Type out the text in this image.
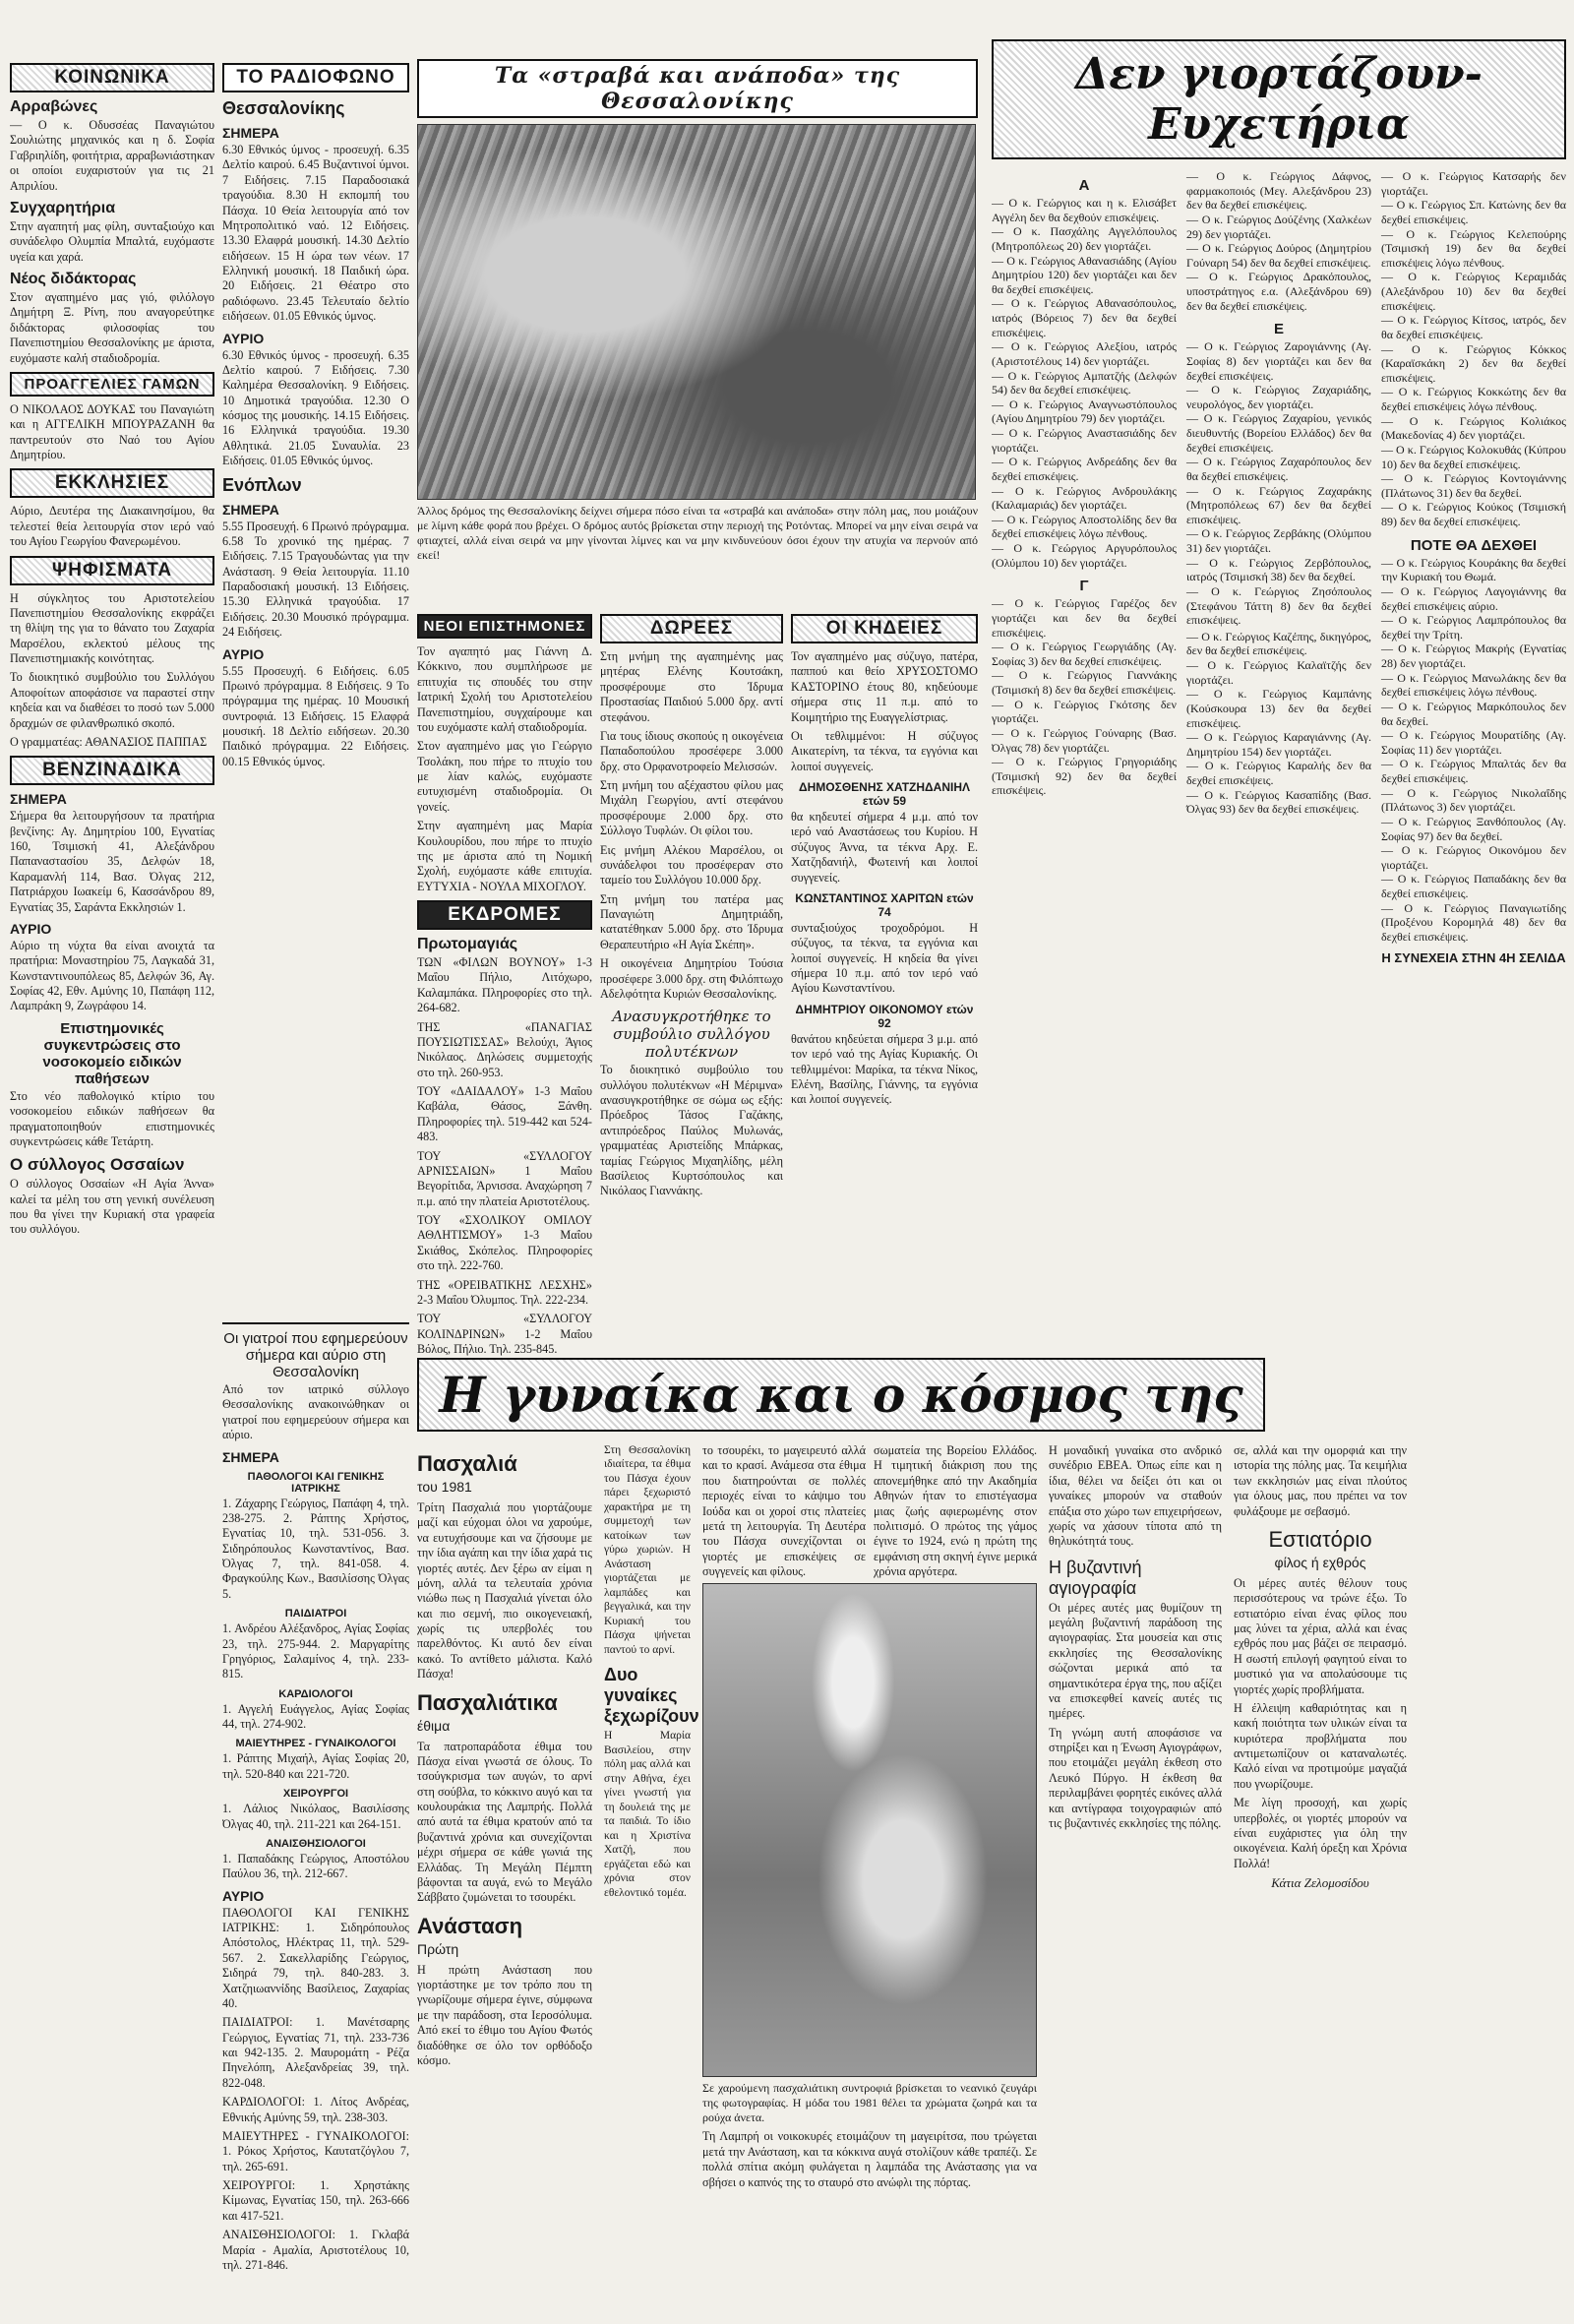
ΚΟΙΝΩΝΙΚΑ
Αρραβώνες

— Ο κ. Οδυσσέας Παναγιώτου Σουλιώτης μηχανικός και η δ. Σοφία Γαβριηλίδη, φοιτήτρια, αρραβωνιάστηκαν οι οποίοι ευχαριστούν για τις 21 Απριλίου.

Συγχαρητήρια

Στην αγαπητή μας φίλη, συνταξιούχο και συνάδελφο Ολυμπία Μπαλτά, ευχόμαστε υγεία και χαρά.

Νέος διδάκτορας

Στον αγαπημένο μας γιό, φιλόλογο Δημήτρη Ξ. Ρίνη, που αναγορεύτηκε διδάκτορας φιλοσοφίας του Πανεπιστημίου Θεσσαλονίκης με άριστα, ευχόμαστε καλή σταδιοδρομία.

ΠΡΟΑΓΓΕΛΙΕΣ ΓΑΜΩΝ

Ο ΝΙΚΟΛΑΟΣ ΔΟΥΚΑΣ του Παναγιώτη και η ΑΓΓΕΛΙΚΗ ΜΠΟΥΡΑΖΑΝΗ θα παντρευτούν στο Ναό του Αγίου Δημητρίου.

ΕΚΚΛΗΣΙΕΣ

Αύριο, Δευτέρα της Διακαινησίμου, θα τελεστεί θεία λειτουργία στον ιερό ναό του Αγίου Γεωργίου Φανερωμένου.

ΨΗΦΙΣΜΑΤΑ

Η σύγκλητος του Αριστοτελείου Πανεπιστημίου Θεσσαλονίκης εκφράζει τη θλίψη της για το θάνατο του Ζαχαρία Μαρσέλου, εκλεκτού μέλους της Πανεπιστημιακής κοινότητας.

Το διοικητικό συμβούλιο του Συλλόγου Αποφοίτων αποφάσισε να παραστεί στην κηδεία και να διαθέσει το ποσό των 5.000 δραχμών σε φιλανθρωπικό σκοπό.

Ο γραμματέας: ΑΘΑΝΑΣΙΟΣ ΠΑΠΠΑΣ

ΒΕΝΖΙΝΑΔΙΚΑ
ΣΗΜΕΡΑ

Σήμερα θα λειτουργήσουν τα πρατήρια βενζίνης: Αγ. Δημητρίου 100, Εγνατίας 160, Τσιμισκή 41, Αλεξάνδρου Παπαναστασίου 35, Δελφών 18, Καραμανλή 114, Βασ. Όλγας 212, Πατριάρχου Ιωακείμ 6, Κασσάνδρου 89, Εγνατίας 35, Σαράντα Εκκλησιών 1.

ΑΥΡΙΟ

Αύριο τη νύχτα θα είναι ανοιχτά τα πρατήρια: Μοναστηρίου 75, Λαγκαδά 31, Κωνσταντινουπόλεως 85, Δελφών 36, Αγ. Σοφίας 42, Εθν. Αμύνης 10, Παπάφη 112, Λαμπράκη 9, Ζωγράφου 14.

Επιστημονικές συγκεντρώσεις στο νοσοκομείο ειδικών παθήσεων

Στο νέο παθολογικό κτίριο του νοσοκομείου ειδικών παθήσεων θα πραγματοποιηθούν επιστημονικές συγκεντρώσεις κάθε Τετάρτη.

Ο σύλλογος Οσσαίων

Ο σύλλογος Οσσαίων «Η Αγία Άννα» καλεί τα μέλη του στη γενική συνέλευση που θα γίνει την Κυριακή στα γραφεία του συλλόγου.

ΤΟ ΡΑΔΙΟΦΩΝΟ
Θεσσαλονίκης
ΣΗΜΕΡΑ

6.30 Εθνικός ύμνος - προσευχή. 6.35 Δελτίο καιρού. 6.45 Βυζαντινοί ύμνοι. 7 Ειδήσεις. 7.15 Παραδοσιακά τραγούδια. 8.30 Η εκπομπή του Πάσχα. 10 Θεία λειτουργία από τον Μητροπολιτικό ναό. 12 Ειδήσεις. 13.30 Ελαφρά μουσική. 14.30 Δελτίο ειδήσεων. 15 Η ώρα των νέων. 17 Ελληνική μουσική. 18 Παιδική ώρα. 20 Ειδήσεις. 21 Θέατρο στο ραδιόφωνο. 23.45 Τελευταίο δελτίο ειδήσεων. 01.05 Εθνικός ύμνος.

ΑΥΡΙΟ

6.30 Εθνικός ύμνος - προσευχή. 6.35 Δελτίο καιρού. 7 Ειδήσεις. 7.30 Καλημέρα Θεσσαλονίκη. 9 Ειδήσεις. 10 Δημοτικά τραγούδια. 12.30 Ο κόσμος της μουσικής. 14.15 Ειδήσεις. 16 Ελληνικά τραγούδια. 19.30 Αθλητικά. 21.05 Συναυλία. 23 Ειδήσεις. 01.05 Εθνικός ύμνος.

Ενόπλων
ΣΗΜΕΡΑ

5.55 Προσευχή. 6 Πρωινό πρόγραμμα. 6.58 Το χρονικό της ημέρας. 7 Ειδήσεις. 7.15 Τραγουδώντας για την Ανάσταση. 9 Θεία λειτουργία. 11.10 Παραδοσιακή μουσική. 13 Ειδήσεις. 15.30 Ελληνικά τραγούδια. 17 Ειδήσεις. 20.30 Μουσικό πρόγραμμα. 24 Ειδήσεις.

ΑΥΡΙΟ

5.55 Προσευχή. 6 Ειδήσεις. 6.05 Πρωινό πρόγραμμα. 8 Ειδήσεις. 9 Το πρόγραμμα της ημέρας. 10 Μουσική συντροφιά. 13 Ειδήσεις. 15 Ελαφρά μουσική. 18 Δελτίο ειδήσεων. 20.30 Παιδικό πρόγραμμα. 22 Ειδήσεις. 00.15 Εθνικός ύμνος.

Οι γιατροί που εφημερεύουν σήμερα και αύριο στη Θεσσαλονίκη

Από τον ιατρικό σύλλογο Θεσσαλονίκης ανακοινώθηκαν οι γιατροί που εφημερεύουν σήμερα και αύριο.

ΣΗΜΕΡΑ
ΠΑΘΟΛΟΓΟΙ ΚΑΙ ΓΕΝΙΚΗΣ ΙΑΤΡΙΚΗΣ

1. Ζάχαρης Γεώργιος, Παπάφη 4, τηλ. 238-275. 2. Ράπτης Χρήστος, Εγνατίας 10, τηλ. 531-056. 3. Σιδηρόπουλος Κωνσταντίνος, Βασ. Όλγας 7, τηλ. 841-058. 4. Φραγκούλης Κων., Βασιλίσσης Όλγας 5.

ΠΑΙΔΙΑΤΡΟΙ

1. Ανδρέου Αλέξανδρος, Αγίας Σοφίας 23, τηλ. 275-944. 2. Μαργαρίτης Γρηγόριος, Σαλαμίνος 4, τηλ. 233-815.

ΚΑΡΔΙΟΛΟΓΟΙ

1. Αγγελή Ευάγγελος, Αγίας Σοφίας 44, τηλ. 274-902.

ΜΑΙΕΥΤΗΡΕΣ - ΓΥΝΑΙΚΟΛΟΓΟΙ

1. Ράπτης Μιχαήλ, Αγίας Σοφίας 20, τηλ. 520-840 και 221-720.

ΧΕΙΡΟΥΡΓΟΙ

1. Λάλιος Νικόλαος, Βασιλίσσης Όλγας 40, τηλ. 211-221 και 264-151.

ΑΝΑΙΣΘΗΣΙΟΛΟΓΟΙ

1. Παπαδάκης Γεώργιος, Αποστόλου Παύλου 36, τηλ. 212-667.

ΑΥΡΙΟ

ΠΑΘΟΛΟΓΟΙ ΚΑΙ ΓΕΝΙΚΗΣ ΙΑΤΡΙΚΗΣ: 1. Σιδηρόπουλος Απόστολος, Ηλέκτρας 11, τηλ. 529-567. 2. Σακελλαρίδης Γεώργιος, Σιδηρά 79, τηλ. 840-283. 3. Χατζηιωαννίδης Βασίλειος, Ζαχαρίας 40.

ΠΑΙΔΙΑΤΡΟΙ: 1. Μανέτσαρης Γεώργιος, Εγνατίας 71, τηλ. 233-736 και 942-135. 2. Μαυρομάτη - Ρέζα Πηνελόπη, Αλεξανδρείας 39, τηλ. 822-048.

ΚΑΡΔΙΟΛΟΓΟΙ: 1. Λίτος Ανδρέας, Εθνικής Αμύνης 59, τηλ. 238-303.

ΜΑΙΕΥΤΗΡΕΣ - ΓΥΝΑΙΚΟΛΟΓΟΙ: 1. Ρόκος Χρήστος, Καυτατζόγλου 7, τηλ. 265-691.

ΧΕΙΡΟΥΡΓΟΙ: 1. Χρηστάκης Κίμωνας, Εγνατίας 150, τηλ. 263-666 και 417-521.

ΑΝΑΙΣΘΗΣΙΟΛΟΓΟΙ: 1. Γκλαβά Μαρία - Αμαλία, Αριστοτέλους 10, τηλ. 271-846.

Τα «στραβά και ανάποδα» της Θεσσαλονίκης
Άλλος δρόμος της Θεσσαλονίκης δείχνει σήμερα πόσο είναι τα «στραβά και ανάποδα» στην πόλη μας, που μοιάζουν με λίμνη κάθε φορά που βρέχει. Ο δρόμος αυτός βρίσκεται στην περιοχή της Ροτόντας. Μπορεί να μην είναι σειρά να φτιαχτεί, αλλά είναι σειρά να μην γίνονται λίμνες και να μην κινδυνεύουν όσοι έχουν την ατυχία να περνούν από εκεί!
ΝΕΟΙ ΕΠΙΣΤΗΜΟΝΕΣ

Τον αγαπητό μας Γιάννη Δ. Κόκκινο, που συμπλήρωσε με επιτυχία τις σπουδές του στην Ιατρική Σχολή του Αριστοτελείου Πανεπιστημίου, συγχαίρουμε και του ευχόμαστε καλή σταδιοδρομία.

Στον αγαπημένο μας γιο Γεώργιο Τσολάκη, που πήρε το πτυχίο του με λίαν καλώς, ευχόμαστε ευτυχισμένη σταδιοδρομία. Οι γονείς.

Στην αγαπημένη μας Μαρία Κουλουρίδου, που πήρε το πτυχίο της με άριστα από τη Νομική Σχολή, ευχόμαστε κάθε επιτυχία. ΕΥΤΥΧΙΑ - ΝΟΥΛΑ ΜΙΧΟΓΛΟΥ.

ΕΚΔΡΟΜΕΣ
Πρωτομαγιάς

ΤΩΝ «ΦΙΛΩΝ ΒΟΥΝΟΥ» 1-3 Μαΐου Πήλιο, Λιτόχωρο, Καλαμπάκα. Πληροφορίες στο τηλ. 264-682.

ΤΗΣ «ΠΑΝΑΓΙΑΣ ΠΟΥΣΙΩΤΙΣΣΑΣ» Βελούχι, Άγιος Νικόλαος. Δηλώσεις συμμετοχής στο τηλ. 260-953.

ΤΟΥ «ΔΑΙΔΑΛΟΥ» 1-3 Μαΐου Καβάλα, Θάσος, Ξάνθη. Πληροφορίες τηλ. 519-442 και 524-483.

ΤΟΥ «ΣΥΛΛΟΓΟΥ ΑΡΝΙΣΣΑΙΩΝ» 1 Μαΐου Βεγορίτιδα, Άρνισσα. Αναχώρηση 7 π.μ. από την πλατεία Αριστοτέλους.

ΤΟΥ «ΣΧΟΛΙΚΟΥ ΟΜΙΛΟΥ ΑΘΛΗΤΙΣΜΟΥ» 1-3 Μαΐου Σκιάθος, Σκόπελος. Πληροφορίες στο τηλ. 222-760.

ΤΗΣ «ΟΡΕΙΒΑΤΙΚΗΣ ΛΕΣΧΗΣ» 2-3 Μαΐου Όλυμπος. Τηλ. 222-234.

ΤΟΥ «ΣΥΛΛΟΓΟΥ ΚΟΛΙΝΔΡΙΝΩΝ» 1-2 Μαΐου Βόλος, Πήλιο. Τηλ. 235-845.

ΔΩΡΕΕΣ

Στη μνήμη της αγαπημένης μας μητέρας Ελένης Κουτσάκη, προσφέρουμε στο Ίδρυμα Προστασίας Παιδιού 5.000 δρχ. αντί στεφάνου.

Για τους ίδιους σκοπούς η οικογένεια Παπαδοπούλου προσέφερε 3.000 δρχ. στο Ορφανοτροφείο Μελισσών.

Στη μνήμη του αξέχαστου φίλου μας Μιχάλη Γεωργίου, αντί στεφάνου προσφέρουμε 2.000 δρχ. στο Σύλλογο Τυφλών. Οι φίλοι του.

Εις μνήμη Αλέκου Μαρσέλου, οι συνάδελφοι του προσέφεραν στο ταμείο του Συλλόγου 10.000 δρχ.

Στη μνήμη του πατέρα μας Παναγιώτη Δημητριάδη, κατατέθηκαν 5.000 δρχ. στο Ίδρυμα Θεραπευτήριο «Η Αγία Σκέπη».

Η οικογένεια Δημητρίου Τούσια προσέφερε 3.000 δρχ. στη Φιλόπτωχο Αδελφότητα Κυριών Θεσσαλονίκης.

Ανασυγκροτήθηκε το συμβούλιο συλλόγου πολυτέκνων

Το διοικητικό συμβούλιο του συλλόγου πολυτέκνων «Η Μέριμνα» ανασυγκροτήθηκε σε σώμα ως εξής: Πρόεδρος Τάσος Γαζάκης, αντιπρόεδρος Παύλος Μυλωνάς, γραμματέας Αριστείδης Μπάρκας, ταμίας Γεώργιος Μιχαηλίδης, μέλη Βασίλειος Κυρτσόπουλος και Νικόλαος Γιαννάκης.

ΟΙ ΚΗΔΕΙΕΣ

Τον αγαπημένο μας σύζυγο, πατέρα, παππού και θείο ΧΡΥΣΟΣΤΟΜΟ ΚΑΣΤΟΡΙΝΟ έτους 80, κηδεύουμε σήμερα στις 11 π.μ. από το Κοιμητήριο της Ευαγγελίστριας.

Οι τεθλιμμένοι: Η σύζυγος Αικατερίνη, τα τέκνα, τα εγγόνια και λοιποί συγγενείς.

ΔΗΜΟΣΘΕΝΗΣ ΧΑΤΖΗΔΑΝΙΗΛ ετών 59

θα κηδευτεί σήμερα 4 μ.μ. από τον ιερό ναό Αναστάσεως του Κυρίου. Η σύζυγος Άννα, τα τέκνα Αρχ. Ε. Χατζηδανιήλ, Φωτεινή και λοιποί συγγενείς.

ΚΩΝΣΤΑΝΤΙΝΟΣ ΧΑΡΙΤΩΝ ετών 74

συνταξιούχος τροχοδρόμοι. Η σύζυγος, τα τέκνα, τα εγγόνια και λοιποί συγγενείς. Η κηδεία θα γίνει σήμερα 10 π.μ. από τον ιερό ναό Αγίου Κωνσταντίνου.

ΔΗΜΗΤΡΙΟΥ ΟΙΚΟΝΟΜΟΥ ετών 92

θανάτου κηδεύεται σήμερα 3 μ.μ. από τον ιερό ναό της Αγίας Κυριακής. Οι τεθλιμμένοι: Μαρίκα, τα τέκνα Νίκος, Ελένη, Βασίλης, Γιάννης, τα εγγόνια και λοιποί συγγενείς.

Δεν γιορτάζουν-Ευχετήρια
Α

— Ο κ. Γεώργιος και η κ. Ελισάβετ Αγγέλη δεν θα δεχθούν επισκέψεις.
— Ο κ. Πασχάλης Αγγελόπουλος (Μητροπόλεως 20) δεν γιορτάζει.
— Ο κ. Γεώργιος Αθανασιάδης (Αγίου Δημητρίου 120) δεν γιορτάζει και δεν θα δεχθεί επισκέψεις.
— Ο κ. Γεώργιος Αθανασόπουλος, ιατρός (Βόρειος 7) δεν θα δεχθεί επισκέψεις.
— Ο κ. Γεώργιος Αλεξίου, ιατρός (Αριστοτέλους 14) δεν γιορτάζει.
— Ο κ. Γεώργιος Αμπατζής (Δελφών 54) δεν θα δεχθεί επισκέψεις.
— Ο κ. Γεώργιος Αναγνωστόπουλος (Αγίου Δημητρίου 79) δεν γιορτάζει.
— Ο κ. Γεώργιος Αναστασιάδης δεν γιορτάζει.
— Ο κ. Γεώργιος Ανδρεάδης δεν θα δεχθεί επισκέψεις.
— Ο κ. Γεώργιος Ανδρουλάκης (Καλαμαριάς) δεν γιορτάζει.
— Ο κ. Γεώργιος Αποστολίδης δεν θα δεχθεί επισκέψεις λόγω πένθους.
— Ο κ. Γεώργιος Αργυρόπουλος (Ολύμπου 10) δεν γιορτάζει.

Γ

— Ο κ. Γεώργιος Γαρέζος δεν γιορτάζει και δεν θα δεχθεί επισκέψεις.
— Ο κ. Γεώργιος Γεωργιάδης (Αγ. Σοφίας 3) δεν θα δεχθεί επισκέψεις.
— Ο κ. Γεώργιος Γιαννάκης (Τσιμισκή 8) δεν θα δεχθεί επισκέψεις.
— Ο κ. Γεώργιος Γκότσης δεν γιορτάζει.
— Ο κ. Γεώργιος Γούναρης (Βασ. Όλγας 78) δεν γιορτάζει.
— Ο κ. Γεώργιος Γρηγοριάδης (Τσιμισκή 92) δεν θα δεχθεί επισκέψεις.

— Ο κ. Γεώργιος Δάφνος, φαρμακοποιός (Μεγ. Αλεξάνδρου 23) δεν θα δεχθεί επισκέψεις.
— Ο κ. Γεώργιος Δούζένης (Χαλκέων 29) δεν γιορτάζει.
— Ο κ. Γεώργιος Δούρος (Δημητρίου Γούναρη 54) δεν θα δεχθεί επισκέψεις.
— Ο κ. Γεώργιος Δρακόπουλος, υποστράτηγος ε.α. (Αλεξάνδρου 69) δεν θα δεχθεί επισκέψεις.

Ε

— Ο κ. Γεώργιος Ζαρογιάννης (Αγ. Σοφίας 8) δεν γιορτάζει και δεν θα δεχθεί επισκέψεις.
— Ο κ. Γεώργιος Ζαχαριάδης, νευρολόγος, δεν γιορτάζει.
— Ο κ. Γεώργιος Ζαχαρίου, γενικός διευθυντής (Βορείου Ελλάδος) δεν θα δεχθεί επισκέψεις.
— Ο κ. Γεώργιος Ζαχαρόπουλος δεν θα δεχθεί επισκέψεις.
— Ο κ. Γεώργιος Ζαχαράκης (Μητροπόλεως 67) δεν θα δεχθεί επισκέψεις.
— Ο κ. Γεώργιος Ζερβάκης (Ολύμπου 31) δεν γιορτάζει.
— Ο κ. Γεώργιος Ζερβόπουλος, ιατρός (Τσιμισκή 38) δεν θα δεχθεί.
— Ο κ. Γεώργιος Ζησόπουλος (Στεφάνου Τάττη 8) δεν θα δεχθεί επισκέψεις.

— Ο κ. Γεώργιος Καζέπης, δικηγόρος, δεν θα δεχθεί επισκέψεις.
— Ο κ. Γεώργιος Καλαϊτζής δεν γιορτάζει.
— Ο κ. Γεώργιος Καμπάνης (Κούσκουρα 13) δεν θα δεχθεί επισκέψεις.
— Ο κ. Γεώργιος Καραγιάννης (Αγ. Δημητρίου 154) δεν γιορτάζει.
— Ο κ. Γεώργιος Καραλής δεν θα δεχθεί επισκέψεις.
— Ο κ. Γεώργιος Κασαπίδης (Βασ. Όλγας 93) δεν θα δεχθεί επισκέψεις.

— Ο κ. Γεώργιος Κατσαρής δεν γιορτάζει.
— Ο κ. Γεώργιος Σπ. Κατώνης δεν θα δεχθεί επισκέψεις.
— Ο κ. Γεώργιος Κελεπούρης (Τσιμισκή 19) δεν θα δεχθεί επισκέψεις λόγω πένθους.
— Ο κ. Γεώργιος Κεραμιδάς (Αλεξάνδρου 10) δεν θα δεχθεί επισκέψεις.
— Ο κ. Γεώργιος Κίτσος, ιατρός, δεν θα δεχθεί επισκέψεις.
— Ο κ. Γεώργιος Κόκκος (Καραϊσκάκη 2) δεν θα δεχθεί επισκέψεις.
— Ο κ. Γεώργιος Κοκκώτης δεν θα δεχθεί επισκέψεις λόγω πένθους.
— Ο κ. Γεώργιος Κολιάκος (Μακεδονίας 4) δεν γιορτάζει.
— Ο κ. Γεώργιος Κολοκυθάς (Κύπρου 10) δεν θα δεχθεί επισκέψεις.
— Ο κ. Γεώργιος Κοντογιάννης (Πλάτωνος 31) δεν θα δεχθεί.
— Ο κ. Γεώργιος Κούκος (Τσιμισκή 89) δεν θα δεχθεί επισκέψεις.

ΠΟΤΕ ΘΑ ΔΕΧΘΕΙ

— Ο κ. Γεώργιος Κουράκης θα δεχθεί την Κυριακή του Θωμά.
— Ο κ. Γεώργιος Λαγογιάννης θα δεχθεί επισκέψεις αύριο.
— Ο κ. Γεώργιος Λαμπρόπουλος θα δεχθεί την Τρίτη.
— Ο κ. Γεώργιος Μακρής (Εγνατίας 28) δεν γιορτάζει.
— Ο κ. Γεώργιος Μανωλάκης δεν θα δεχθεί επισκέψεις λόγω πένθους.
— Ο κ. Γεώργιος Μαρκόπουλος δεν θα δεχθεί.
— Ο κ. Γεώργιος Μουρατίδης (Αγ. Σοφίας 11) δεν γιορτάζει.
— Ο κ. Γεώργιος Μπαλτάς δεν θα δεχθεί επισκέψεις.
— Ο κ. Γεώργιος Νικολαΐδης (Πλάτωνος 3) δεν γιορτάζει.
— Ο κ. Γεώργιος Ξανθόπουλος (Αγ. Σοφίας 97) δεν θα δεχθεί.
— Ο κ. Γεώργιος Οικονόμου δεν γιορτάζει.
— Ο κ. Γεώργιος Παπαδάκης δεν θα δεχθεί επισκέψεις.
— Ο κ. Γεώργιος Παναγιωτίδης (Προξένου Κορομηλά 48) δεν θα δεχθεί επισκέψεις.

Η ΣΥΝΕΧΕΙΑ ΣΤΗΝ 4Η ΣΕΛΙΔΑ
Η γυναίκα και ο κόσμος της
Πασχαλιά
του 1981

Τρίτη Πασχαλιά που γιορτάζουμε μαζί και εύχομαι όλοι να χαρούμε, να ευτυχήσουμε και να ζήσουμε με την ίδια αγάπη και την ίδια χαρά τις γιορτές αυτές. Δεν ξέρω αν είμαι η μόνη, αλλά τα τελευταία χρόνια νιώθω πως η Πασχαλιά γίνεται όλο και πιο σεμνή, πιο οικογενειακή, χωρίς τις υπερβολές του παρελθόντος. Κι αυτό δεν είναι κακό. Το αντίθετο μάλιστα. Καλό Πάσχα!

Πασχαλιάτικα
έθιμα

Τα πατροπαράδοτα έθιμα του Πάσχα είναι γνωστά σε όλους. Το τσούγκρισμα των αυγών, το αρνί στη σούβλα, το κόκκινο αυγό και τα κουλουράκια της Λαμπρής. Πολλά από αυτά τα έθιμα κρατούν από τα βυζαντινά χρόνια και συνεχίζονται μέχρι σήμερα σε κάθε γωνιά της Ελλάδας. Τη Μεγάλη Πέμπτη βάφονται τα αυγά, ενώ το Μεγάλο Σάββατο ζυμώνεται το τσουρέκι.

Ανάσταση
Πρώτη

Η πρώτη Ανάσταση που γιορτάστηκε με τον τρόπο που τη γνωρίζουμε σήμερα έγινε, σύμφωνα με την παράδοση, στα Ιεροσόλυμα. Από εκεί το έθιμο του Αγίου Φωτός διαδόθηκε σε όλο τον ορθόδοξο κόσμο.

Στη Θεσσαλονίκη ιδιαίτερα, τα έθιμα του Πάσχα έχουν πάρει ξεχωριστό χαρακτήρα με τη συμμετοχή των κατοίκων των γύρω χωριών. Η Ανάσταση γιορτάζεται με λαμπάδες και βεγγαλικά, και την Κυριακή του Πάσχα ψήνεται παντού το αρνί.

Δυο γυναίκες ξεχωρίζουν

Η Μαρία Βασιλείου, στην πόλη μας αλλά και στην Αθήνα, έχει γίνει γνωστή για τη δουλειά της με τα παιδιά. Το ίδιο και η Χριστίνα Χατζή, που εργάζεται εδώ και χρόνια στον εθελοντικό τομέα.

το τσουρέκι, το μαγειρευτό αλλά και το κρασί. Ανάμεσα στα έθιμα που διατηρούνται σε πολλές περιοχές είναι το κάψιμο του Ιούδα και οι χοροί στις πλατείες μετά τη λειτουργία. Τη Δευτέρα του Πάσχα συνεχίζονται οι γιορτές με επισκέψεις σε συγγενείς και φίλους.

σωματεία της Βορείου Ελλάδος. Η τιμητική διάκριση που της απονεμήθηκε από την Ακαδημία Αθηνών ήταν το επιστέγασμα μιας ζωής αφιερωμένης στον πολιτισμό. Ο πρώτος της γάμος έγινε το 1924, ενώ η πρώτη της εμφάνιση στη σκηνή έγινε μερικά χρόνια αργότερα.

Σε χαρούμενη πασχαλιάτικη συντροφιά βρίσκεται το νεανικό ζευγάρι της φωτογραφίας. Η μόδα του 1981 θέλει τα χρώματα ζωηρά και τα ρούχα άνετα.

Τη Λαμπρή οι νοικοκυρές ετοιμάζουν τη μαγειρίτσα, που τρώγεται μετά την Ανάσταση, και τα κόκκινα αυγά στολίζουν κάθε τραπέζι. Σε πολλά σπίτια ακόμη φυλάγεται η λαμπάδα της Ανάστασης για να σβήσει ο καπνός της το σταυρό στο ανώφλι της πόρτας.

Η μοναδική γυναίκα στο ανδρικό συνέδριο ΕΒΕΑ. Όπως είπε και η ίδια, θέλει να δείξει ότι και οι γυναίκες μπορούν να σταθούν επάξια στο χώρο των επιχειρήσεων, χωρίς να χάσουν τίποτα από τη θηλυκότητά τους.

Η βυζαντινή αγιογραφία

Οι μέρες αυτές μας θυμίζουν τη μεγάλη βυζαντινή παράδοση της αγιογραφίας. Στα μουσεία και στις εκκλησίες της Θεσσαλονίκης σώζονται μερικά από τα σημαντικότερα έργα της, που αξίζει να επισκεφθεί κανείς αυτές τις ημέρες.

Τη γνώμη αυτή αποφάσισε να στηρίξει και η Ένωση Αγιογράφων, που ετοιμάζει μεγάλη έκθεση στο Λευκό Πύργο. Η έκθεση θα περιλαμβάνει φορητές εικόνες αλλά και αντίγραφα τοιχογραφιών από τις βυζαντινές εκκλησίες της πόλης.

σε, αλλά και την ομορφιά και την ιστορία της πόλης μας. Τα κειμήλια των εκκλησιών μας είναι πλούτος για όλους μας, που πρέπει να τον φυλάξουμε με σεβασμό.

Εστιατόριο
φίλος ή εχθρός

Οι μέρες αυτές θέλουν τους περισσότερους να τρώνε έξω. Το εστιατόριο είναι ένας φίλος που μας λύνει τα χέρια, αλλά και ένας εχθρός που μας βάζει σε πειρασμό. Η σωστή επιλογή φαγητού είναι το μυστικό για να απολαύσουμε τις γιορτές χωρίς προβλήματα.

Η έλλειψη καθαριότητας και η κακή ποιότητα των υλικών είναι τα κυριότερα προβλήματα που αντιμετωπίζουν οι καταναλωτές. Καλό είναι να προτιμούμε μαγαζιά που γνωρίζουμε.

Με λίγη προσοχή, και χωρίς υπερβολές, οι γιορτές μπορούν να είναι ευχάριστες για όλη την οικογένεια. Καλή όρεξη και Χρόνια Πολλά!

Κάτια Ζελομοσίδου
